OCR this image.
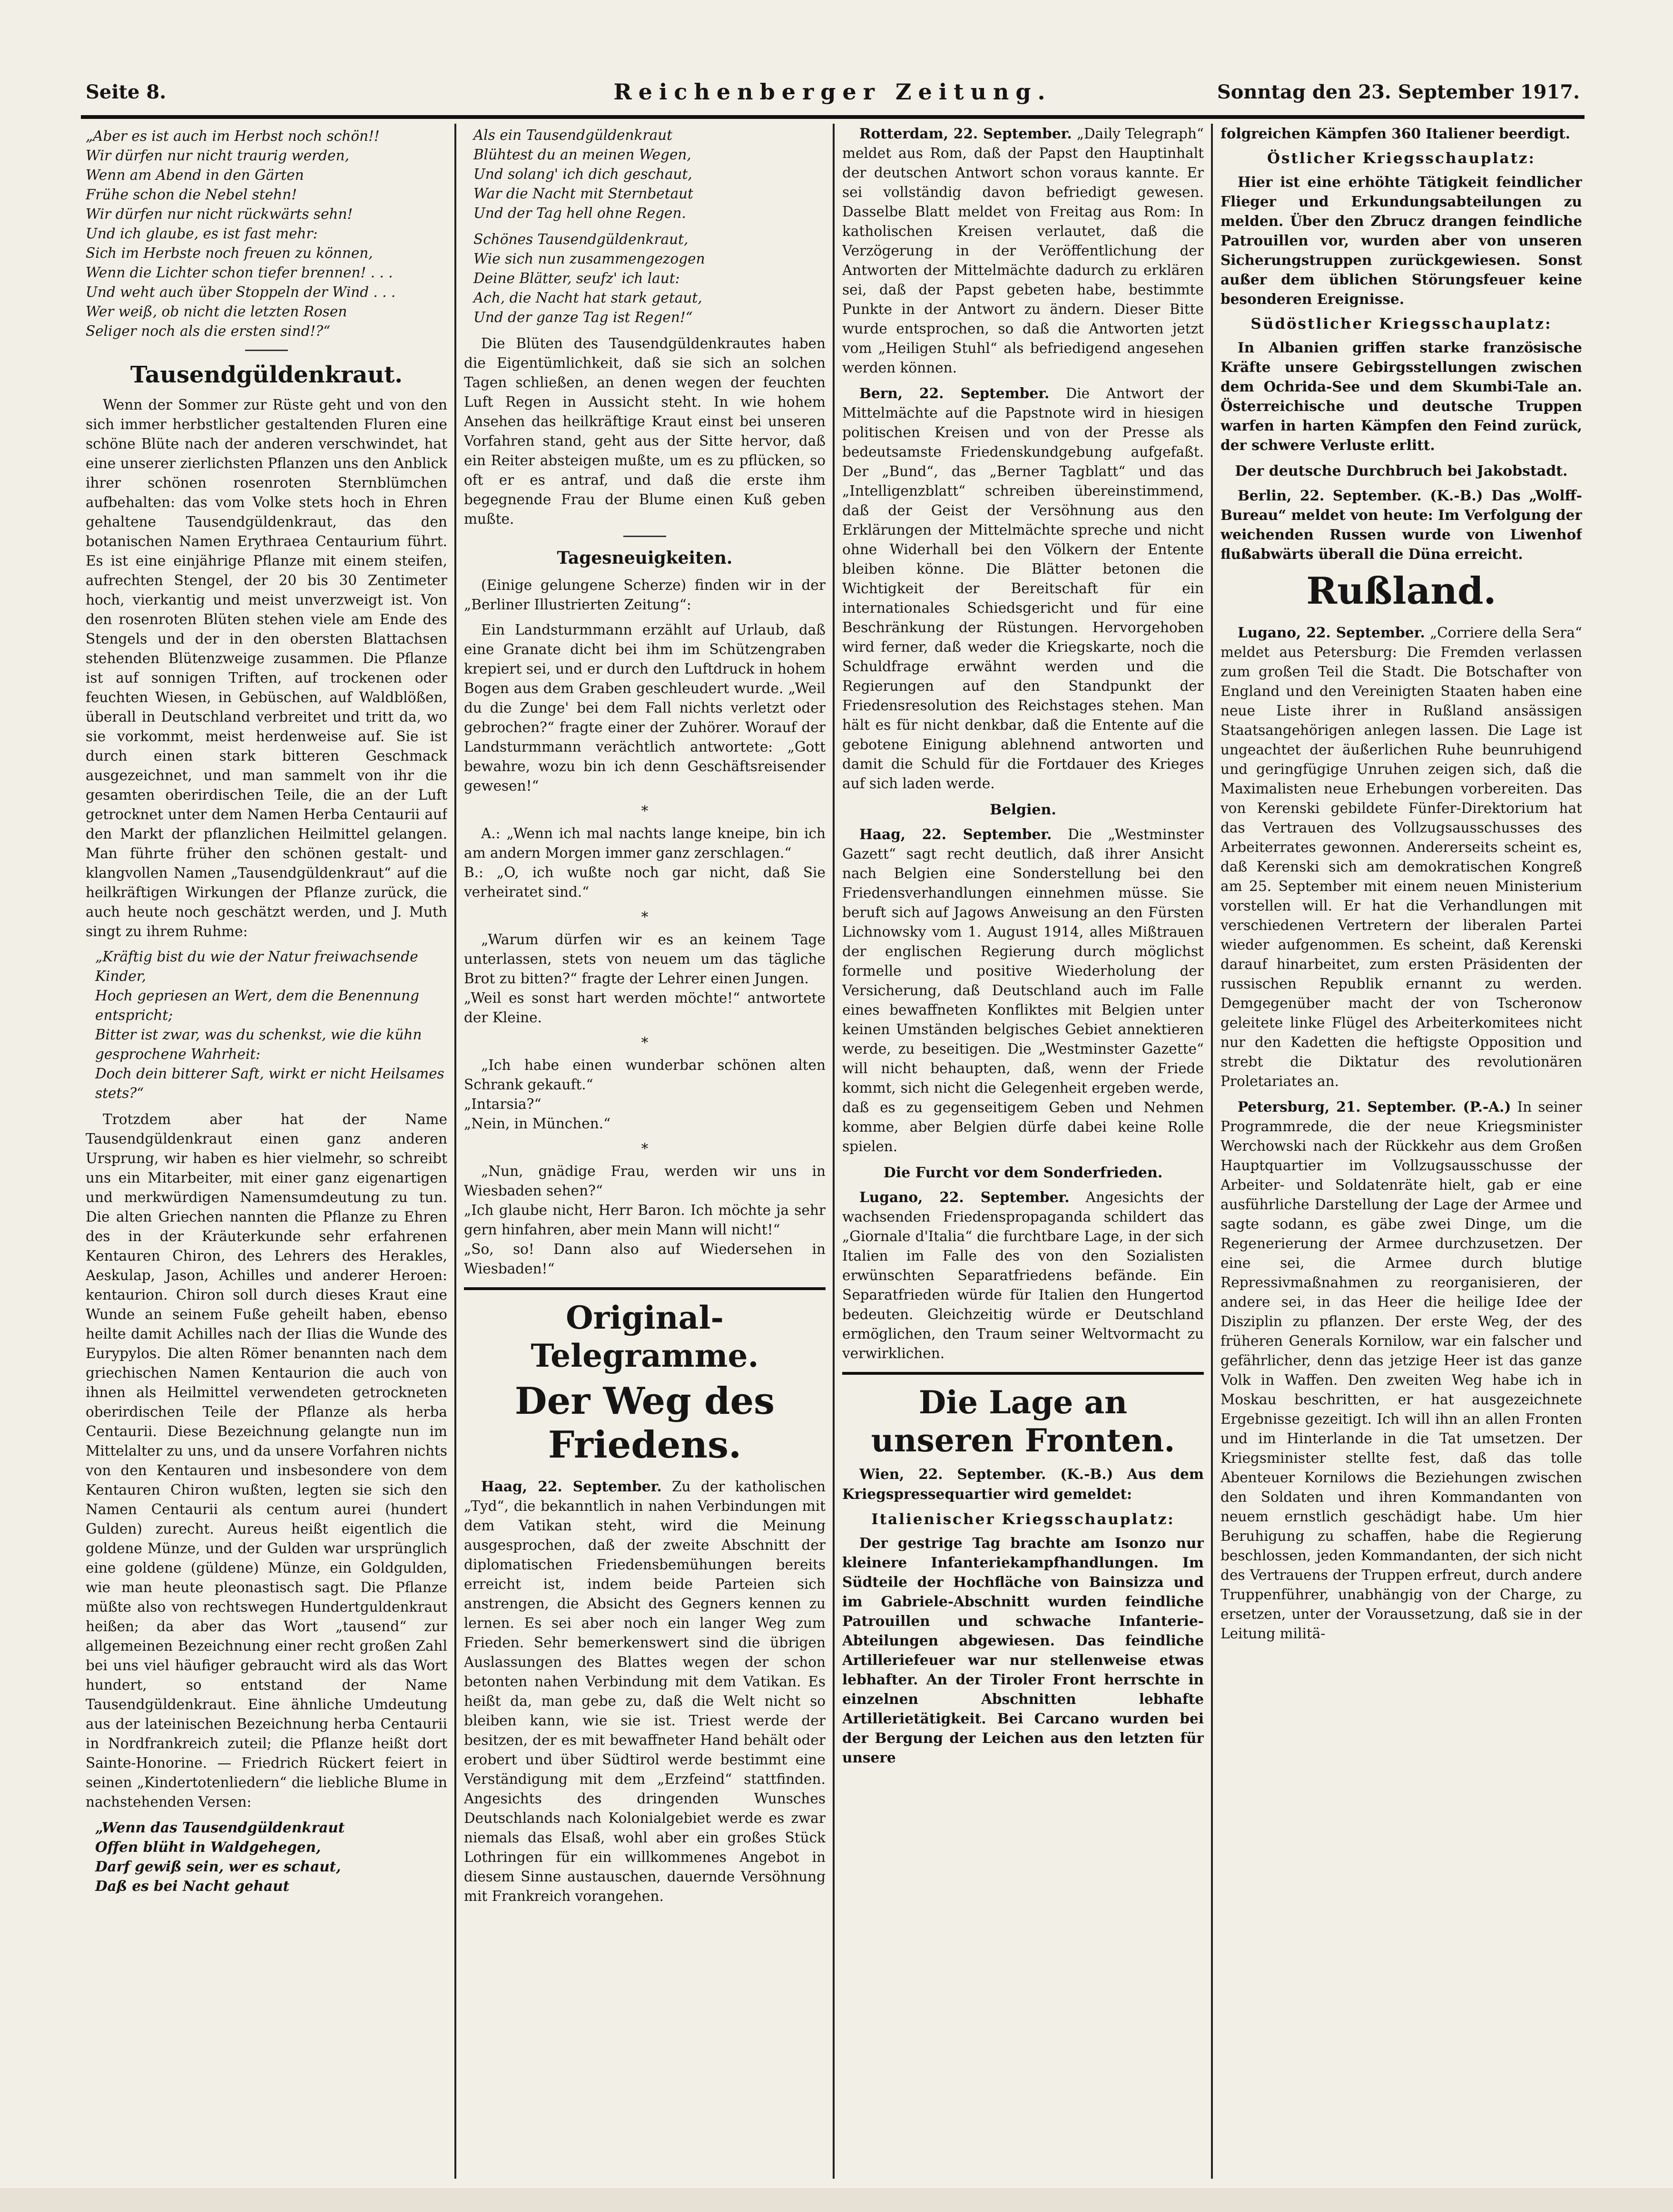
Seite 8.	Reichenberger Zeitung.	Sonntag den 23. September 1917.
„Aber es ist auch im Herbst noch schön!!
Wir dürfen nur nicht traurig werden,
Wenn am Abend in den Gärten
Frühe schon die Nebel stehn!
Wir dürfen nur nicht rückwärts sehn!
Und ich glaube, es ist fast mehr:
Sich im Herbste noch freuen zu können,
Wenn die Lichter schon tiefer brennen! . . .
Und weht auch über Stoppeln der Wind . . .
Wer weiß, ob nicht die letzten Rosen
Seliger noch als die ersten sind!?“
Tausendgüldenkraut.

Wenn der Sommer zur Rüste geht und von den sich immer herbstlicher gestaltenden Fluren eine schöne Blüte nach der anderen verschwindet, hat eine unserer zierlichsten Pflanzen uns den Anblick ihrer schönen rosenroten Sternblümchen aufbehalten: das vom Volke stets hoch in Ehren gehaltene Tausendgüldenkraut, das den botanischen Namen Erythraea Centaurium führt. Es ist eine einjährige Pflanze mit einem steifen, aufrechten Stengel, der 20 bis 30 Zentimeter hoch, vierkantig und meist unverzweigt ist. Von den rosenroten Blüten stehen viele am Ende des Stengels und der in den obersten Blattachsen stehenden Blütenzweige zusammen. Die Pflanze ist auf sonnigen Triften, auf trockenen oder feuchten Wiesen, in Gebüschen, auf Waldblößen, überall in Deutschland verbreitet und tritt da, wo sie vorkommt, meist herdenweise auf. Sie ist durch einen stark bitteren Geschmack ausgezeichnet, und man sammelt von ihr die gesamten oberirdischen Teile, die an der Luft getrocknet unter dem Namen Herba Centaurii auf den Markt der pflanzlichen Heilmittel gelangen. Man führte früher den schönen gestalt- und klangvollen Namen „Tausendgüldenkraut“ auf die heilkräftigen Wirkungen der Pflanze zurück, die auch heute noch geschätzt werden, und J. Muth singt zu ihrem Ruhme:

„Kräftig bist du wie der Natur freiwachsende Kinder,
Hoch gepriesen an Wert, dem die Benennung entspricht;
Bitter ist zwar, was du schenkst, wie die kühn gesprochene Wahrheit:
Doch dein bitterer Saft, wirkt er nicht Heilsames stets?“

Trotzdem aber hat der Name Tausendgüldenkraut einen ganz anderen Ursprung, wir haben es hier vielmehr, so schreibt uns ein Mitarbeiter, mit einer ganz eigenartigen und merkwürdigen Namensumdeutung zu tun. Die alten Griechen nannten die Pflanze zu Ehren des in der Kräuterkunde sehr erfahrenen Kentauren Chiron, des Lehrers des Herakles, Aeskulap, Jason, Achilles und anderer Heroen: kentaurion. Chiron soll durch dieses Kraut eine Wunde an seinem Fuße geheilt haben, ebenso heilte damit Achilles nach der Ilias die Wunde des Eurypylos. Die alten Römer benannten nach dem griechischen Namen Kentaurion die auch von ihnen als Heilmittel verwendeten getrockneten oberirdischen Teile der Pflanze als herba Centaurii. Diese Bezeichnung gelangte nun im Mittelalter zu uns, und da unsere Vorfahren nichts von den Kentauren und insbesondere von dem Kentauren Chiron wußten, legten sie sich den Namen Centaurii als centum aurei (hundert Gulden) zurecht. Aureus heißt eigentlich die goldene Münze, und der Gulden war ursprünglich eine goldene (güldene) Münze, ein Goldgulden, wie man heute pleonastisch sagt. Die Pflanze müßte also von rechtswegen Hundertguldenkraut heißen; da aber das Wort „tausend“ zur allgemeinen Bezeichnung einer recht großen Zahl bei uns viel häufiger gebraucht wird als das Wort hundert, so entstand der Name Tausendgüldenkraut. Eine ähnliche Umdeutung aus der lateinischen Bezeichnung herba Centaurii in Nordfrankreich zuteil; die Pflanze heißt dort Sainte-Honorine. — Friedrich Rückert feiert in seinen „Kindertotenliedern“ die liebliche Blume in nachstehenden Versen:

„Wenn das Tausendgüldenkraut
Offen blüht in Waldgehegen,
Darf gewiß sein, wer es schaut,
Daß es bei Nacht gehaut
Als ein Tausendgüldenkraut
Blühtest du an meinen Wegen,
Und solang' ich dich geschaut,
War die Nacht mit Sternbetaut
Und der Tag hell ohne Regen.
Schönes Tausendgüldenkraut,
Wie sich nun zusammengezogen
Deine Blätter, seufz' ich laut:
Ach, die Nacht hat stark getaut,
Und der ganze Tag ist Regen!“

Die Blüten des Tausendgüldenkrautes haben die Eigentümlichkeit, daß sie sich an solchen Tagen schließen, an denen wegen der feuchten Luft Regen in Aussicht steht. In wie hohem Ansehen das heilkräftige Kraut einst bei unseren Vorfahren stand, geht aus der Sitte hervor, daß ein Reiter absteigen mußte, um es zu pflücken, so oft er es antraf, und daß die erste ihm begegnende Frau der Blume einen Kuß geben mußte.

Tagesneuigkeiten.

(Einige gelungene Scherze) finden wir in der „Berliner Illustrierten Zeitung“:

Ein Landsturmmann erzählt auf Urlaub, daß eine Granate dicht bei ihm im Schützengraben krepiert sei, und er durch den Luftdruck in hohem Bogen aus dem Graben geschleudert wurde. „Weil du die Zunge' bei dem Fall nichts verletzt oder gebrochen?“ fragte einer der Zuhörer. Worauf der Landsturmmann verächtlich antwortete: „Gott bewahre, wozu bin ich denn Geschäftsreisender gewesen!“

*

A.: „Wenn ich mal nachts lange kneipe, bin ich am andern Morgen immer ganz zerschlagen.“
B.: „O, ich wußte noch gar nicht, daß Sie verheiratet sind.“

*

„Warum dürfen wir es an keinem Tage unterlassen, stets von neuem um das tägliche Brot zu bitten?“ fragte der Lehrer einen Jungen.
„Weil es sonst hart werden möchte!“ antwortete der Kleine.

*

„Ich habe einen wunderbar schönen alten Schrank gekauft.“
„Intarsia?“
„Nein, in München.“

*

„Nun, gnädige Frau, werden wir uns in Wiesbaden sehen?“
„Ich glaube nicht, Herr Baron. Ich möchte ja sehr gern hinfahren, aber mein Mann will nicht!“
„So, so! Dann also auf Wiedersehen in Wiesbaden!“

Original-Telegramme.
Der Weg des Friedens.

Haag, 22. September. Zu der katholischen „Tyd“, die bekanntlich in nahen Verbindungen mit dem Vatikan steht, wird die Meinung ausgesprochen, daß der zweite Abschnitt der diplomatischen Friedensbemühungen bereits erreicht ist, indem beide Parteien sich anstrengen, die Absicht des Gegners kennen zu lernen. Es sei aber noch ein langer Weg zum Frieden. Sehr bemerkenswert sind die übrigen Auslassungen des Blattes wegen der schon betonten nahen Verbindung mit dem Vatikan. Es heißt da, man gebe zu, daß die Welt nicht so bleiben kann, wie sie ist. Triest werde der besitzen, der es mit bewaffneter Hand behält oder erobert und über Südtirol werde bestimmt eine Verständigung mit dem „Erzfeind“ stattfinden. Angesichts des dringenden Wunsches Deutschlands nach Kolonialgebiet werde es zwar niemals das Elsaß, wohl aber ein großes Stück Lothringen für ein willkommenes Angebot in diesem Sinne austauschen, dauernde Versöhnung mit Frankreich vorangehen.

Rotterdam, 22. September. „Daily Telegraph“ meldet aus Rom, daß der Papst den Hauptinhalt der deutschen Antwort schon voraus kannte. Er sei vollständig davon befriedigt gewesen. Dasselbe Blatt meldet von Freitag aus Rom: In katholischen Kreisen verlautet, daß die Verzögerung in der Veröffentlichung der Antworten der Mittelmächte dadurch zu erklären sei, daß der Papst gebeten habe, bestimmte Punkte in der Antwort zu ändern. Dieser Bitte wurde entsprochen, so daß die Antworten jetzt vom „Heiligen Stuhl“ als befriedigend angesehen werden können.

Bern, 22. September. Die Antwort der Mittelmächte auf die Papstnote wird in hiesigen politischen Kreisen und von der Presse als bedeutsamste Friedenskundgebung aufgefaßt. Der „Bund“, das „Berner Tagblatt“ und das „Intelligenzblatt“ schreiben übereinstimmend, daß der Geist der Versöhnung aus den Erklärungen der Mittelmächte spreche und nicht ohne Widerhall bei den Völkern der Entente bleiben könne. Die Blätter betonen die Wichtigkeit der Bereitschaft für ein internationales Schiedsgericht und für eine Beschränkung der Rüstungen. Hervorgehoben wird ferner, daß weder die Kriegskarte, noch die Schuldfrage erwähnt werden und die Regierungen auf den Standpunkt der Friedensresolution des Reichstages stehen. Man hält es für nicht denkbar, daß die Entente auf die gebotene Einigung ablehnend antworten und damit die Schuld für die Fortdauer des Krieges auf sich laden werde.

Belgien.

Haag, 22. September. Die „Westminster Gazett“ sagt recht deutlich, daß ihrer Ansicht nach Belgien eine Sonderstellung bei den Friedensverhandlungen einnehmen müsse. Sie beruft sich auf Jagows Anweisung an den Fürsten Lichnowsky vom 1. August 1914, alles Mißtrauen der englischen Regierung durch möglichst formelle und positive Wiederholung der Versicherung, daß Deutschland auch im Falle eines bewaffneten Konfliktes mit Belgien unter keinen Umständen belgisches Gebiet annektieren werde, zu beseitigen. Die „Westminster Gazette“ will nicht behaupten, daß, wenn der Friede kommt, sich nicht die Gelegenheit ergeben werde, daß es zu gegenseitigem Geben und Nehmen komme, aber Belgien dürfe dabei keine Rolle spielen.

Die Furcht vor dem Sonderfrieden.

Lugano, 22. September. Angesichts der wachsenden Friedenspropaganda schildert das „Giornale d'Italia“ die furchtbare Lage, in der sich Italien im Falle des von den Sozialisten erwünschten Separatfriedens befände. Ein Separatfrieden würde für Italien den Hungertod bedeuten. Gleichzeitig würde er Deutschland ermöglichen, den Traum seiner Weltvormacht zu verwirklichen.

Die Lage an unseren Fronten.

Wien, 22. September. (K.-B.) Aus dem Kriegspressequartier wird gemeldet:

Italienischer Kriegsschauplatz:

Der gestrige Tag brachte am Isonzo nur kleinere Infanteriekampfhandlungen. Im Südteile der Hochfläche von Bainsizza und im Gabriele-Abschnitt wurden feindliche Patrouillen und schwache Infanterie-Abteilungen abgewiesen. Das feindliche Artilleriefeuer war nur stellenweise etwas lebhafter. An der Tiroler Front herrschte in einzelnen Abschnitten lebhafte Artillerietätigkeit. Bei Carcano wurden bei der Bergung der Leichen aus den letzten für unsere

folgreichen Kämpfen 360 Italiener beerdigt.

Östlicher Kriegsschauplatz:

Hier ist eine erhöhte Tätigkeit feindlicher Flieger und Erkundungsabteilungen zu melden. Über den Zbrucz drangen feindliche Patrouillen vor, wurden aber von unseren Sicherungstruppen zurückgewiesen. Sonst außer dem üblichen Störungsfeuer keine besonderen Ereignisse.

Südöstlicher Kriegsschauplatz:

In Albanien griffen starke französische Kräfte unsere Gebirgsstellungen zwischen dem Ochrida-See und dem Skumbi-Tale an. Österreichische und deutsche Truppen warfen in harten Kämpfen den Feind zurück, der schwere Verluste erlitt.

Der deutsche Durchbruch bei Jakobstadt.

Berlin, 22. September. (K.-B.) Das „Wolff-Bureau“ meldet von heute: Im Verfolgung der weichenden Russen wurde von Liwenhof flußabwärts überall die Düna erreicht.

Rußland.

Lugano, 22. September. „Corriere della Sera“ meldet aus Petersburg: Die Fremden verlassen zum großen Teil die Stadt. Die Botschafter von England und den Vereinigten Staaten haben eine neue Liste ihrer in Rußland ansässigen Staatsangehörigen anlegen lassen. Die Lage ist ungeachtet der äußerlichen Ruhe beunruhigend und geringfügige Unruhen zeigen sich, daß die Maximalisten neue Erhebungen vorbereiten. Das von Kerenski gebildete Fünfer-Direktorium hat das Vertrauen des Vollzugsausschusses des Arbeiterrates gewonnen. Andererseits scheint es, daß Kerenski sich am demokratischen Kongreß am 25. September mit einem neuen Ministerium vorstellen will. Er hat die Verhandlungen mit verschiedenen Vertretern der liberalen Partei wieder aufgenommen. Es scheint, daß Kerenski darauf hinarbeitet, zum ersten Präsidenten der russischen Republik ernannt zu werden. Demgegenüber macht der von Tscheronow geleitete linke Flügel des Arbeiterkomitees nicht nur den Kadetten die heftigste Opposition und strebt die Diktatur des revolutionären Proletariates an.

Petersburg, 21. September. (P.-A.) In seiner Programmrede, die der neue Kriegsminister Werchowski nach der Rückkehr aus dem Großen Hauptquartier im Vollzugsausschusse der Arbeiter- und Soldatenräte hielt, gab er eine ausführliche Darstellung der Lage der Armee und sagte sodann, es gäbe zwei Dinge, um die Regenerierung der Armee durchzusetzen. Der eine sei, die Armee durch blutige Repressivmaßnahmen zu reorganisieren, der andere sei, in das Heer die heilige Idee der Disziplin zu pflanzen. Der erste Weg, der des früheren Generals Kornilow, war ein falscher und gefährlicher, denn das jetzige Heer ist das ganze Volk in Waffen. Den zweiten Weg habe ich in Moskau beschritten, er hat ausgezeichnete Ergebnisse gezeitigt. Ich will ihn an allen Fronten und im Hinterlande in die Tat umsetzen. Der Kriegsminister stellte fest, daß das tolle Abenteuer Kornilows die Beziehungen zwischen den Soldaten und ihren Kommandanten von neuem ernstlich geschädigt habe. Um hier Beruhigung zu schaffen, habe die Regierung beschlossen, jeden Kommandanten, der sich nicht des Vertrauens der Truppen erfreut, durch andere Truppenführer, unabhängig von der Charge, zu ersetzen, unter der Voraussetzung, daß sie in der Leitung militä-
